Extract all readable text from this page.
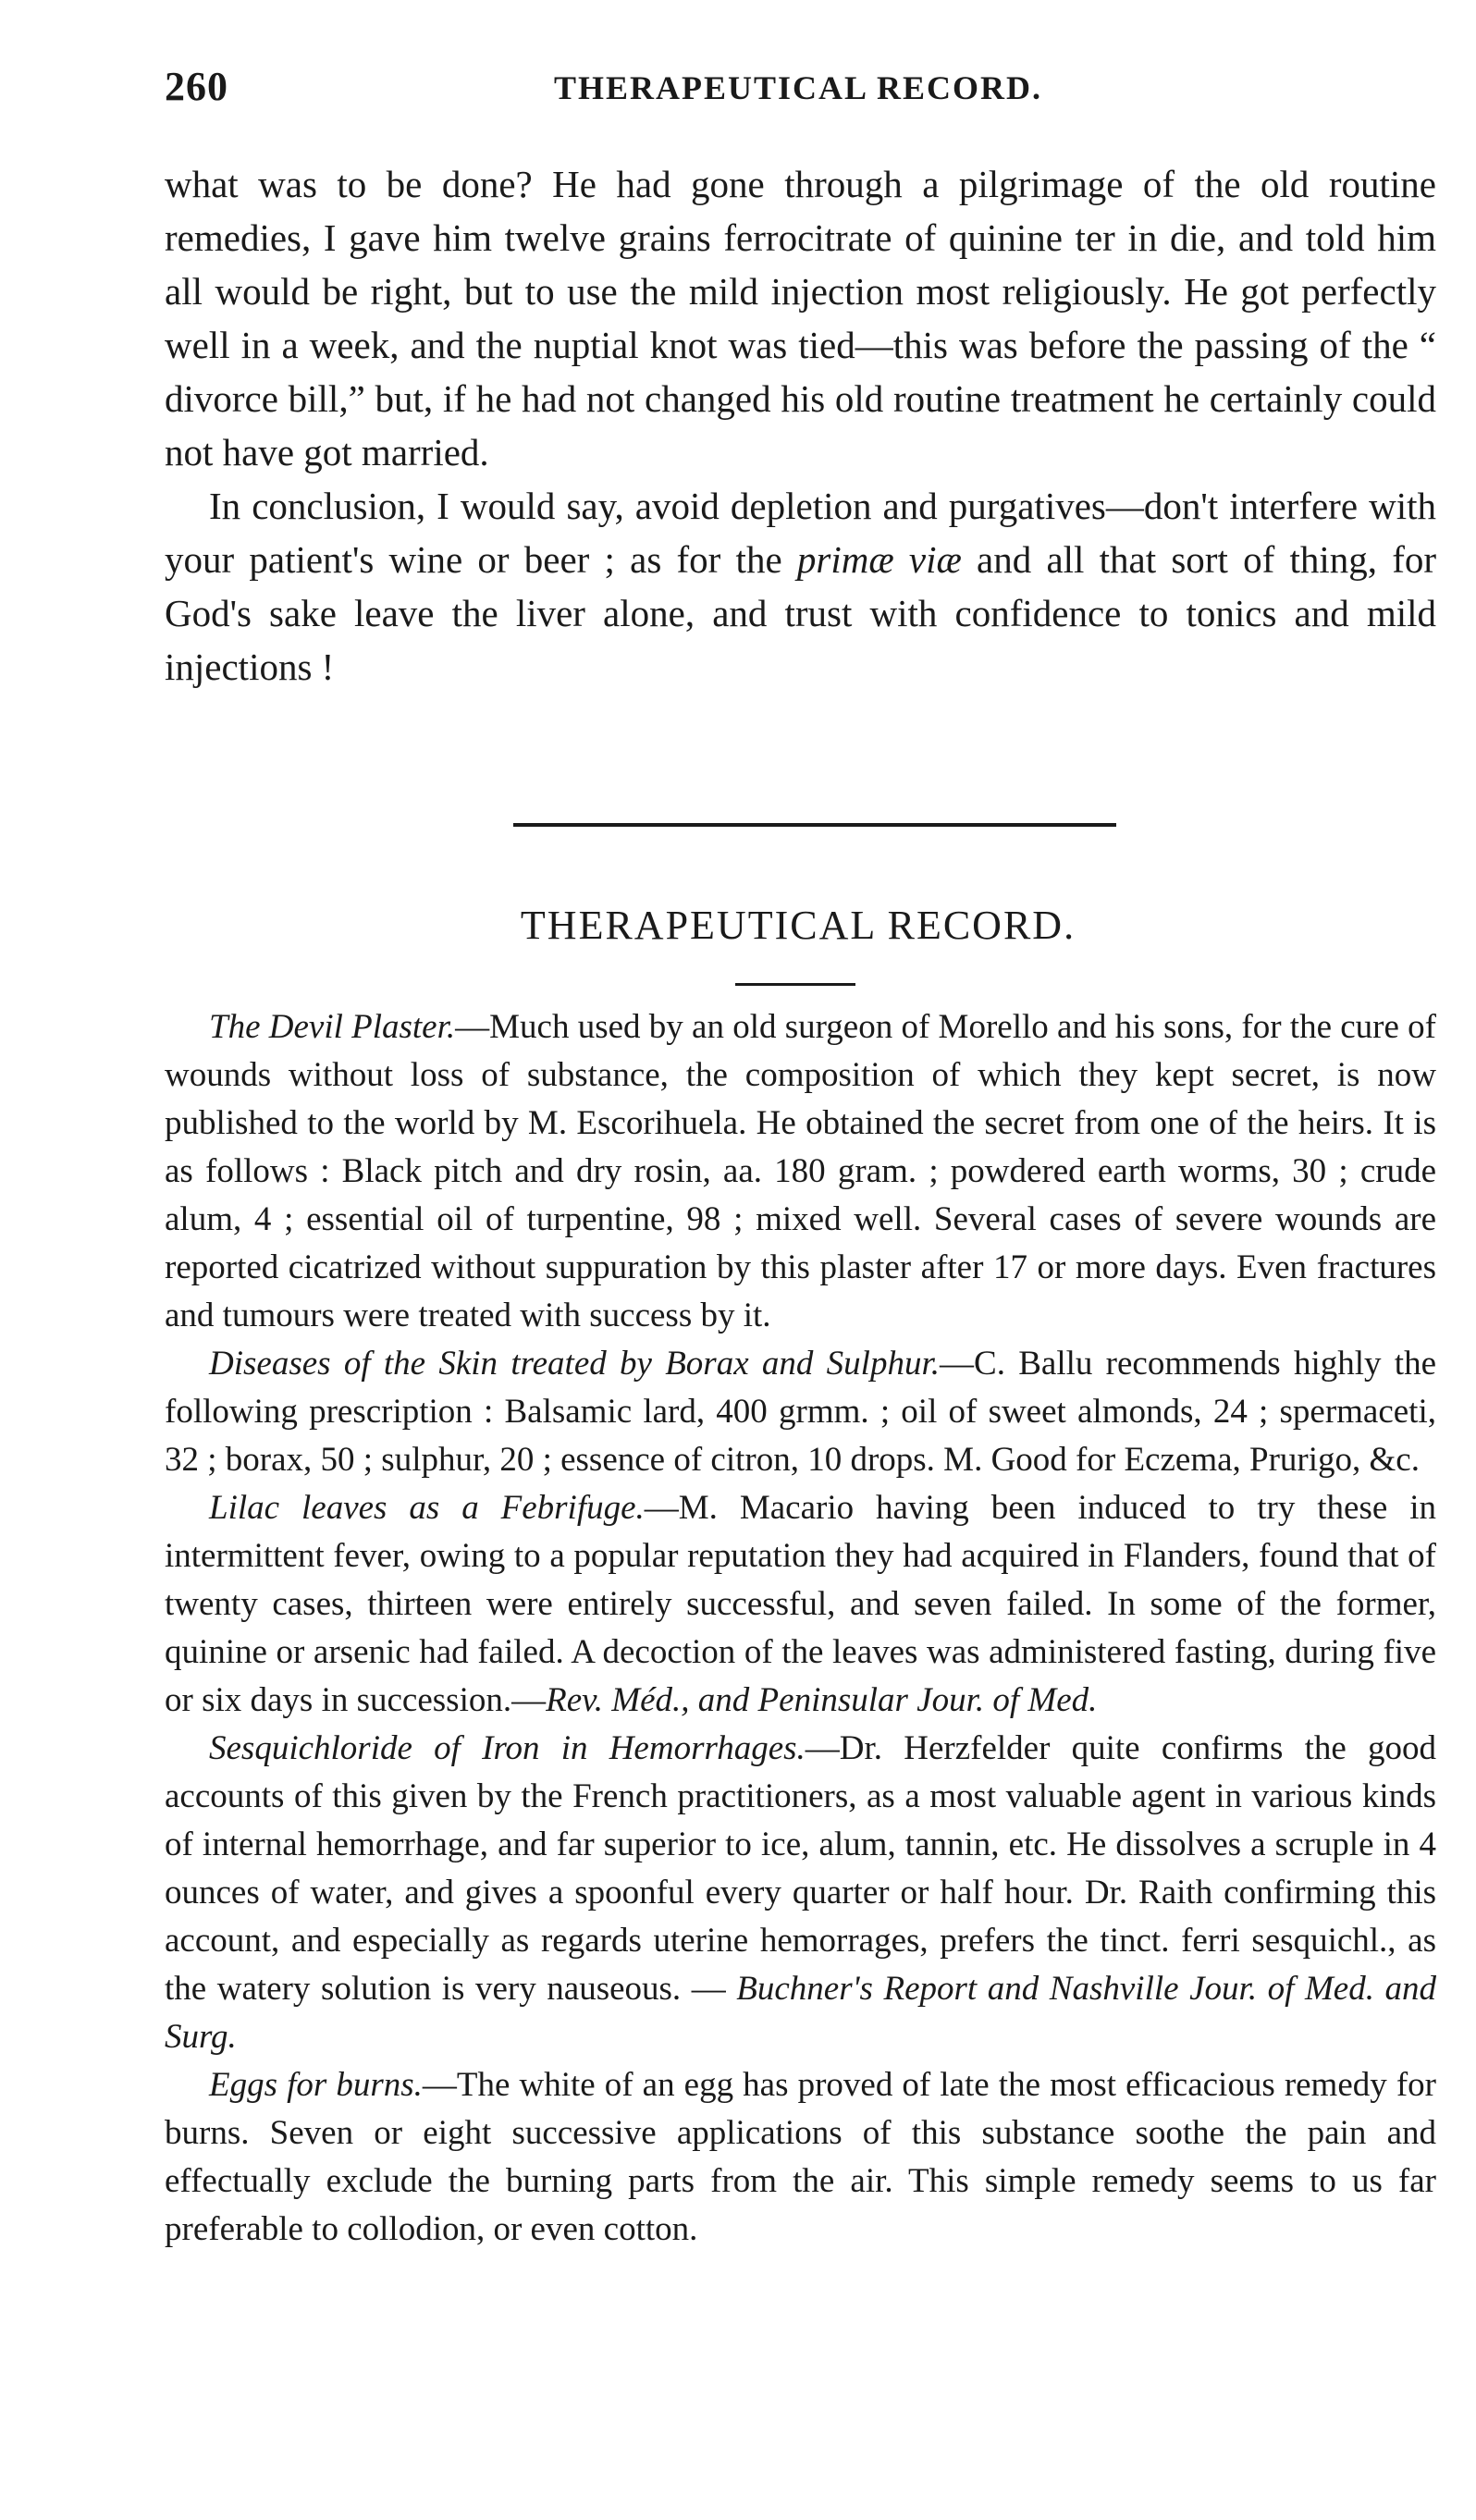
260	THERAPEUTICAL RECORD.

what was to be done? He had gone through a pilgrimage of the old routine remedies, I gave him twelve grains ferrocitrate of quinine ter in die, and told him all would be right, but to use the mild injection most religiously. He got perfectly well in a week, and the nuptial knot was tied—this was before the passing of the “ divorce bill,” but, if he had not changed his old routine treatment he certainly could not have got married.

In conclusion, I would say, avoid depletion and purgatives—don't interfere with your patient's wine or beer ; as for the primæ viæ and all that sort of thing, for God's sake leave the liver alone, and trust with confidence to tonics and mild injections !

THERAPEUTICAL RECORD.

The Devil Plaster.—Much used by an old surgeon of Morello and his sons, for the cure of wounds without loss of substance, the composition of which they kept secret, is now published to the world by M. Escorihuela. He obtained the secret from one of the heirs. It is as follows : Black pitch and dry rosin, aa. 180 gram. ; powdered earth worms, 30 ; crude alum, 4 ; essential oil of turpentine, 98 ; mixed well. Several cases of severe wounds are reported cicatrized without suppuration by this plaster after 17 or more days. Even fractures and tumours were treated with success by it.

Diseases of the Skin treated by Borax and Sulphur.—C. Ballu recommends highly the following prescription : Balsamic lard, 400 grmm. ; oil of sweet almonds, 24 ; spermaceti, 32 ; borax, 50 ; sulphur, 20 ; essence of citron, 10 drops. M. Good for Eczema, Prurigo, &c.

Lilac leaves as a Febrifuge.—M. Macario having been induced to try these in intermittent fever, owing to a popular reputation they had acquired in Flanders, found that of twenty cases, thirteen were entirely successful, and seven failed. In some of the former, quinine or arsenic had failed. A decoction of the leaves was administered fasting, during five or six days in succession.—Rev. Méd., and Peninsular Jour. of Med.

Sesquichloride of Iron in Hemorrhages.—Dr. Herzfelder quite confirms the good accounts of this given by the French practitioners, as a most valuable agent in various kinds of internal hemorrhage, and far superior to ice, alum, tannin, etc. He dissolves a scruple in 4 ounces of water, and gives a spoonful every quarter or half hour. Dr. Raith confirming this account, and especially as regards uterine hemorrages, prefers the tinct. ferri sesquichl., as the watery solution is very nauseous. — Buchner's Report and Nashville Jour. of Med. and Surg.

Eggs for burns.—The white of an egg has proved of late the most efficacious remedy for burns. Seven or eight successive applications of this substance soothe the pain and effectually exclude the burning parts from the air. This simple remedy seems to us far preferable to collodion, or even cotton.
